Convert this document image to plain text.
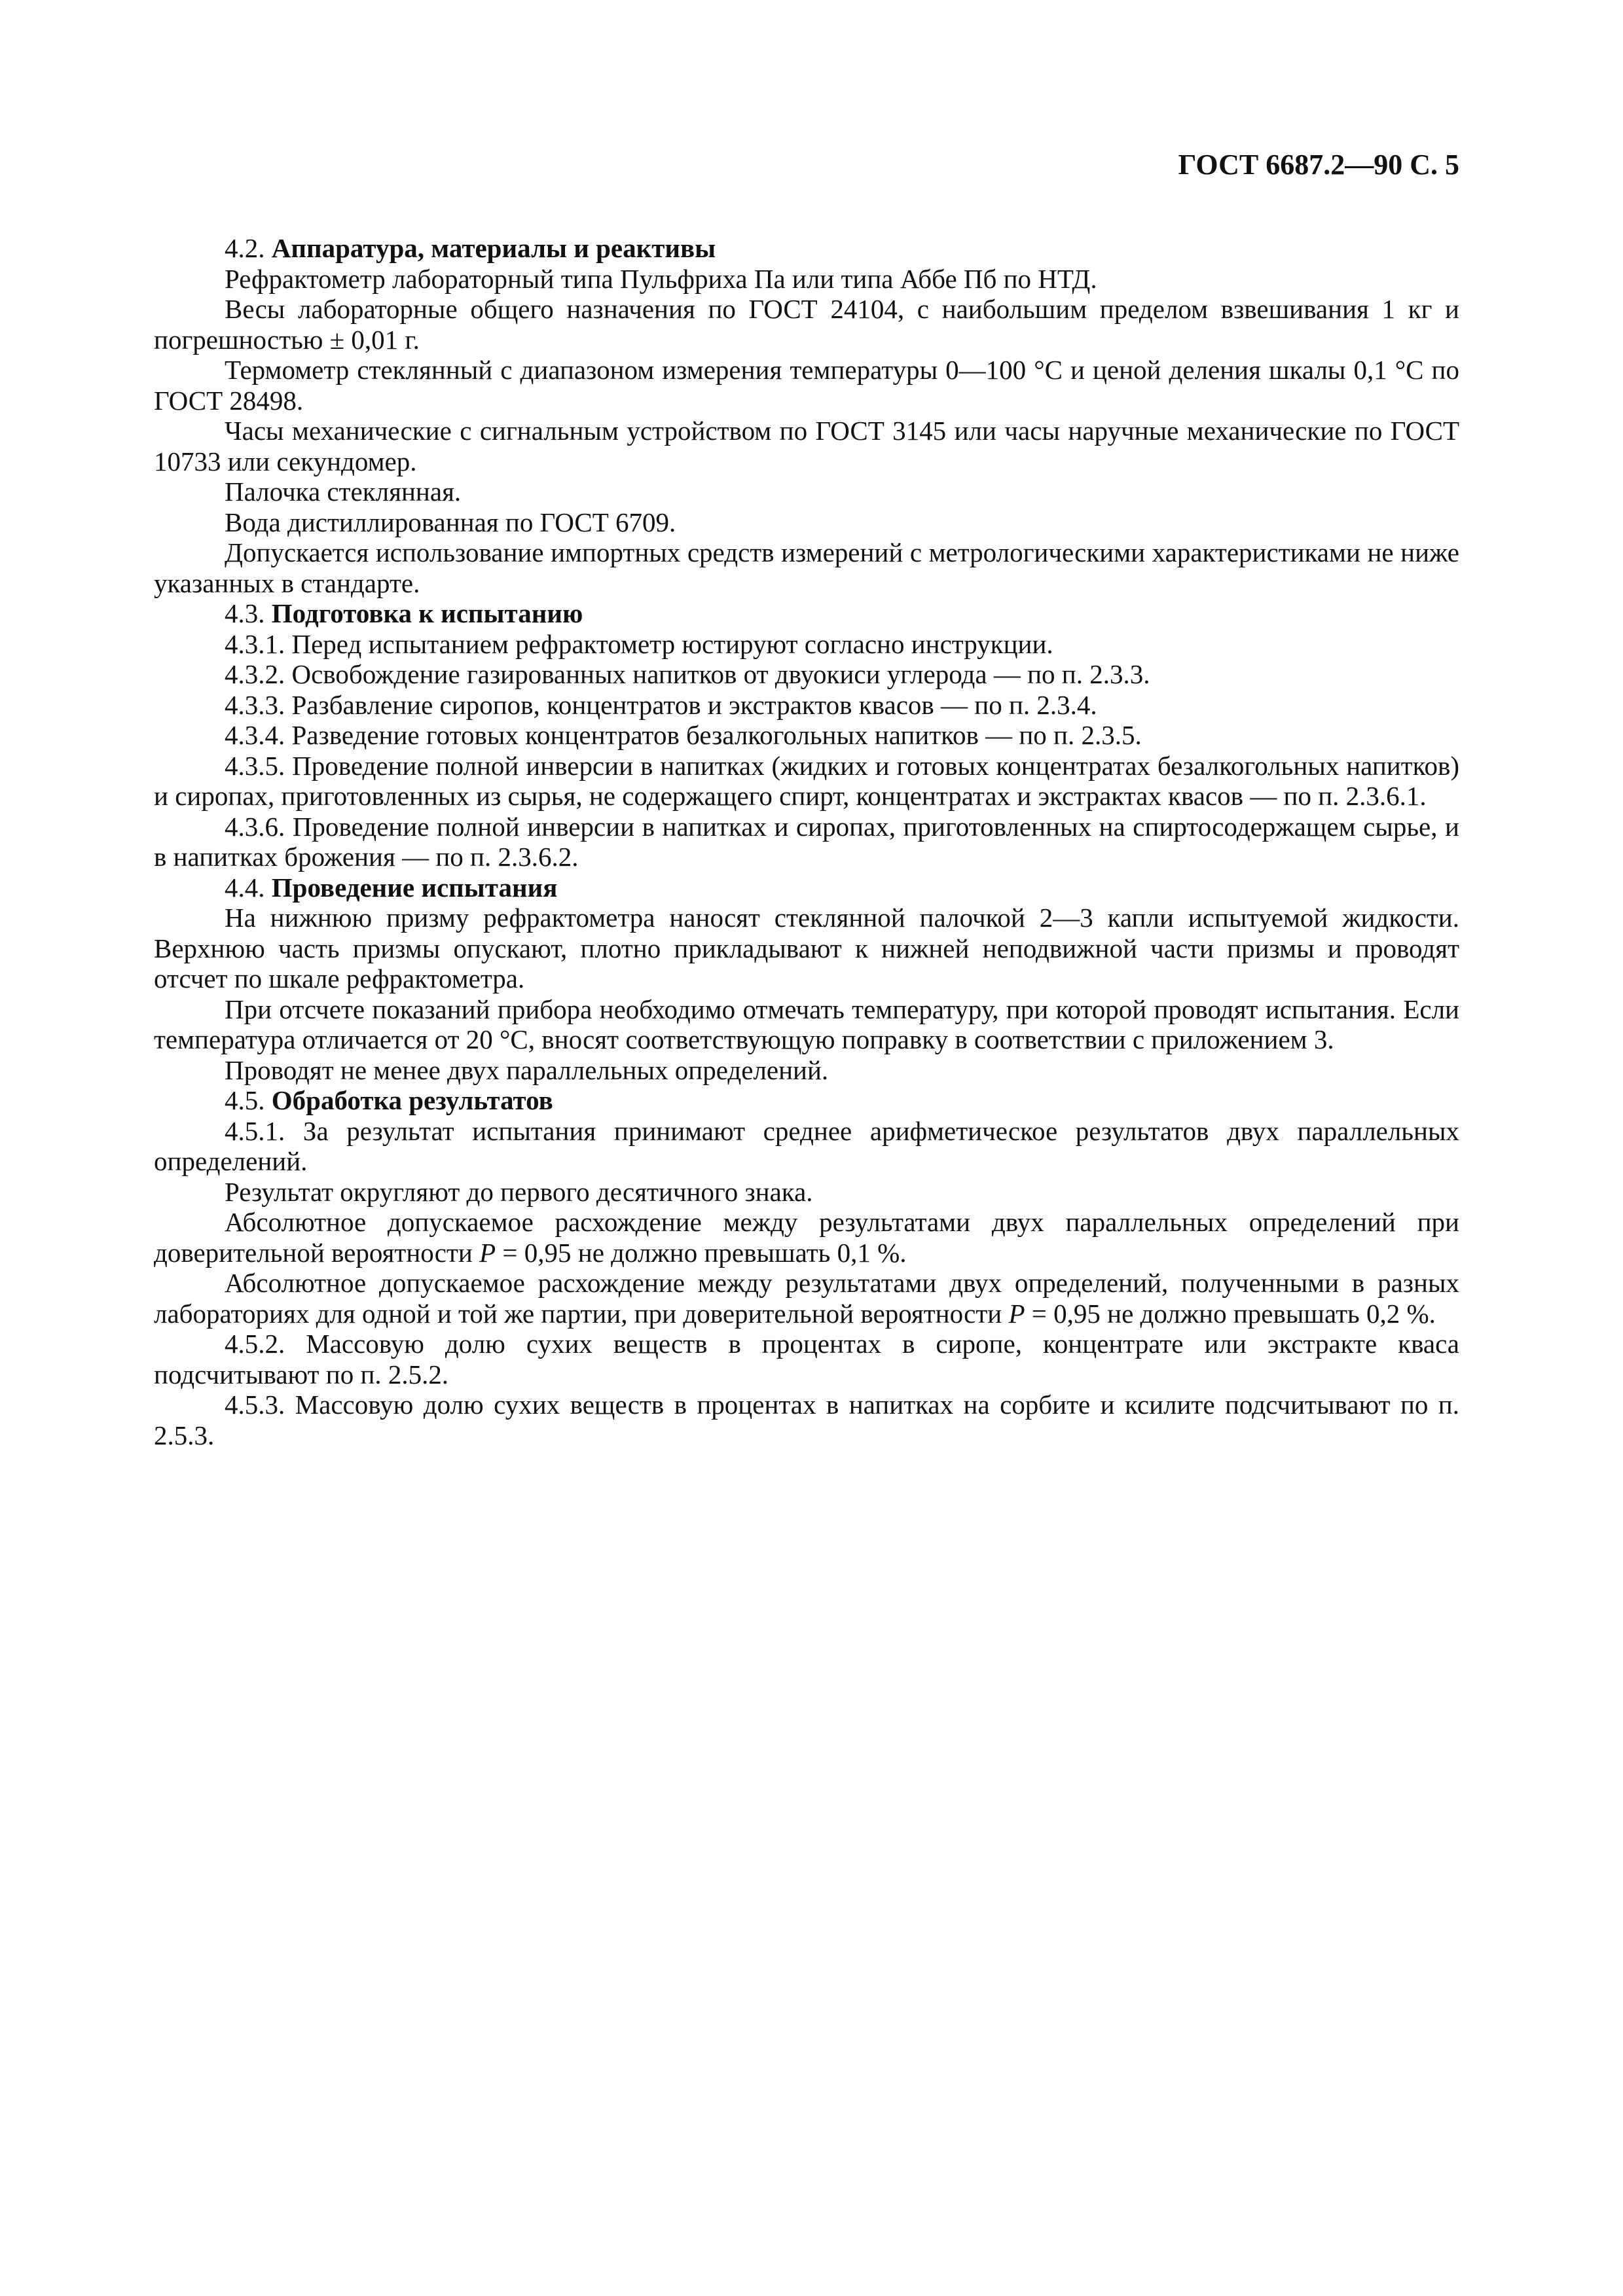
ГОСТ 6687.2—90 С. 5

4.2. Аппаратура, материалы и реактивы

Рефрактометр лабораторный типа Пульфриха Па или типа Аббе Пб по НТД.

Весы лабораторные общего назначения по ГОСТ 24104, с наибольшим пределом взвешивания 1 кг и погрешностью ± 0,01 г.

Термометр стеклянный с диапазоном измерения температуры 0—100 °С и ценой деления шкалы 0,1 °С по ГОСТ 28498.

Часы механические с сигнальным устройством по ГОСТ 3145 или часы наручные механические по ГОСТ 10733 или секундомер.

Палочка стеклянная.

Вода дистиллированная по ГОСТ 6709.

Допускается использование импортных средств измерений с метрологическими характеристиками не ниже указанных в стандарте.

4.3. Подготовка к испытанию

4.3.1. Перед испытанием рефрактометр юстируют согласно инструкции.

4.3.2. Освобождение газированных напитков от двуокиси углерода — по п. 2.3.3.

4.3.3. Разбавление сиропов, концентратов и экстрактов квасов — по п. 2.3.4.

4.3.4. Разведение готовых концентратов безалкогольных напитков — по п. 2.3.5.

4.3.5. Проведение полной инверсии в напитках (жидких и готовых концентратах безалкогольных напитков) и сиропах, приготовленных из сырья, не содержащего спирт, концентратах и экстрактах квасов — по п. 2.3.6.1.

4.3.6. Проведение полной инверсии в напитках и сиропах, приготовленных на спиртосодержащем сырье, и в напитках брожения — по п. 2.3.6.2.

4.4. Проведение испытания

На нижнюю призму рефрактометра наносят стеклянной палочкой 2—3 капли испытуемой жидкости. Верхнюю часть призмы опускают, плотно прикладывают к нижней неподвижной части призмы и проводят отсчет по шкале рефрактометра.

При отсчете показаний прибора необходимо отмечать температуру, при которой проводят испытания. Если температура отличается от 20 °С, вносят соответствующую поправку в соответствии с приложением 3.

Проводят не менее двух параллельных определений.

4.5. Обработка результатов

4.5.1. За результат испытания принимают среднее арифметическое результатов двух параллельных определений.

Результат округляют до первого десятичного знака.

Абсолютное допускаемое расхождение между результатами двух параллельных определений при доверительной вероятности P = 0,95 не должно превышать 0,1 %.

Абсолютное допускаемое расхождение между результатами двух определений, полученными в разных лабораториях для одной и той же партии, при доверительной вероятности P = 0,95 не должно превышать 0,2 %.

4.5.2. Массовую долю сухих веществ в процентах в сиропе, концентрате или экстракте кваса подсчитывают по п. 2.5.2.

4.5.3. Массовую долю сухих веществ в процентах в напитках на сорбите и ксилите подсчитывают по п. 2.5.3.
